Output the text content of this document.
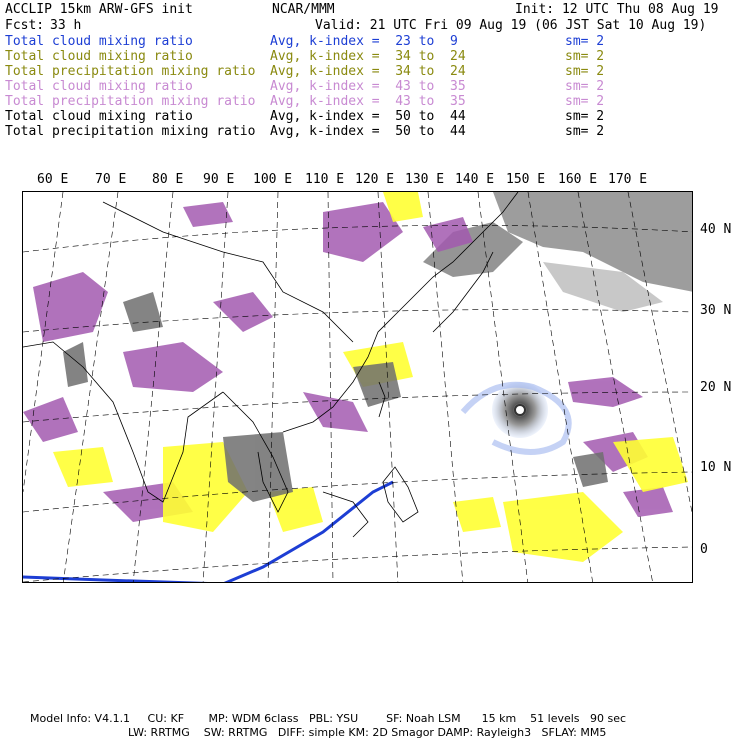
ACCLIP 15km ARW-GFS init	NCAR/MMM	Init: 12 UTC Thu 08 Aug 19
Fcst: 33 h	Valid: 21 UTC Fri 09 Aug 19 (06 JST Sat 10 Aug 19)
Total cloud mixing ratio	Avg, k-index =  23 to  9	sm= 2
Total cloud mixing ratio	Avg, k-index =  34 to  24	sm= 2
Total precipitation mixing ratio Avg, k-index =  34 to  24	sm= 2
Total cloud mixing ratio	Avg, k-index =  43 to  35	sm= 2
Total precipitation mixing ratio Avg, k-index =  43 to  35	sm= 2
Total cloud mixing ratio	Avg, k-index =  50 to  44	sm= 2
Total precipitation mixing ratio Avg, k-index =  50 to  44	sm= 2
60 E 70 E 80 E 90 E 100 E 110 E 120 E 130 E 140 E 150 E 160 E 170 E
40 N
30 N
20 N
10 N
0
Model Info: V4.1.1     CU: KF       MP: WDM 6class   PBL: YSU        SF: Noah LSM      15 km    51 levels   90 sec
LW: RRTMG    SW: RRTMG   DIFF: simple KM: 2D Smagor DAMP: Rayleigh3   SFLAY: MM5
